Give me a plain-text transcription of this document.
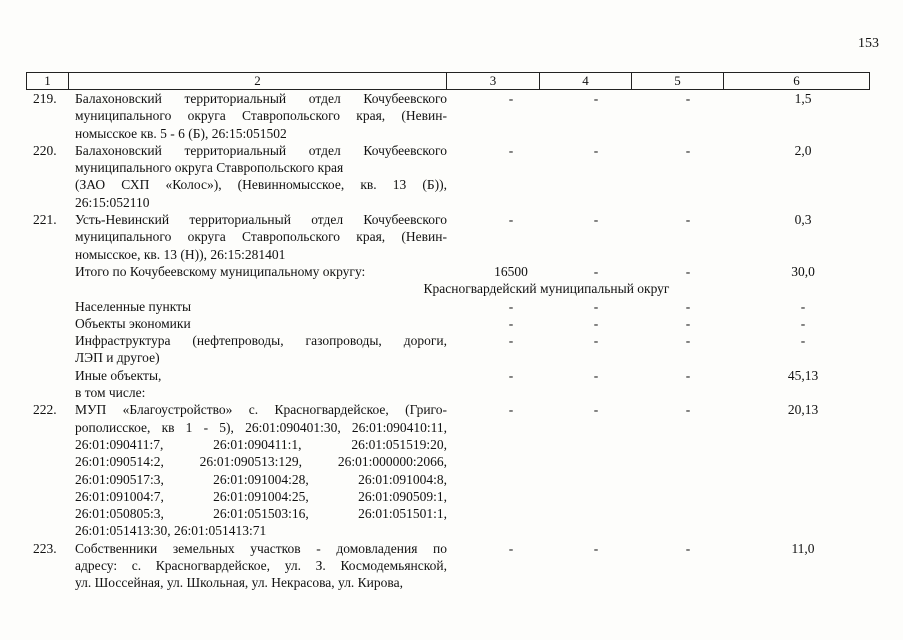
153
1	2	3	4	5	6
219. Балахоновский территориальный отдел Кочубеевского
муниципального округа Ставропольского края, (Невин-
номысское кв. 5 - 6 (Б), 26:15:051502
-	-	-	1,5
220. Балахоновский территориальный отдел Кочубеевского
муниципального округа Ставропольского края
(ЗАО СХП «Колос»), (Невинномысское, кв. 13 (Б)),
26:15:052110
-	-	-	2,0
221. Усть-Невинский территориальный отдел Кочубеевского
муниципального округа Ставропольского края, (Невин-
номысское, кв. 13 (Н)), 26:15:281401
-	-	-	0,3
Итого по Кочубеевскому муниципальному округу:	16500	-	-	30,0
Красногвардейский муниципальный округ
Населенные пункты	-	-	-	-
Объекты экономики	-	-	-	-
Инфраструктура (нефтепроводы, газопроводы, дороги,
ЛЭП и другое)
-	-	-	-
Иные объекты,
в том числе:
-	-	-	45,13
222. МУП «Благоустройство» с. Красногвардейское, (Григо-
рополисское, кв 1 - 5), 26:01:090401:30, 26:01:090410:11,
26:01:090411:7, 26:01:090411:1, 26:01:051519:20,
26:01:090514:2, 26:01:090513:129, 26:01:000000:2066,
26:01:090517:3, 26:01:091004:28, 26:01:091004:8,
26:01:091004:7, 26:01:091004:25, 26:01:090509:1,
26:01:050805:3, 26:01:051503:16, 26:01:051501:1,
26:01:051413:30, 26:01:051413:71
-	-	-	20,13
223. Собственники земельных участков - домовладения по
адресу: с. Красногвардейское, ул. З. Космодемьянской,
ул. Шоссейная, ул. Школьная, ул. Некрасова, ул. Кирова,
-	-	-	11,0
